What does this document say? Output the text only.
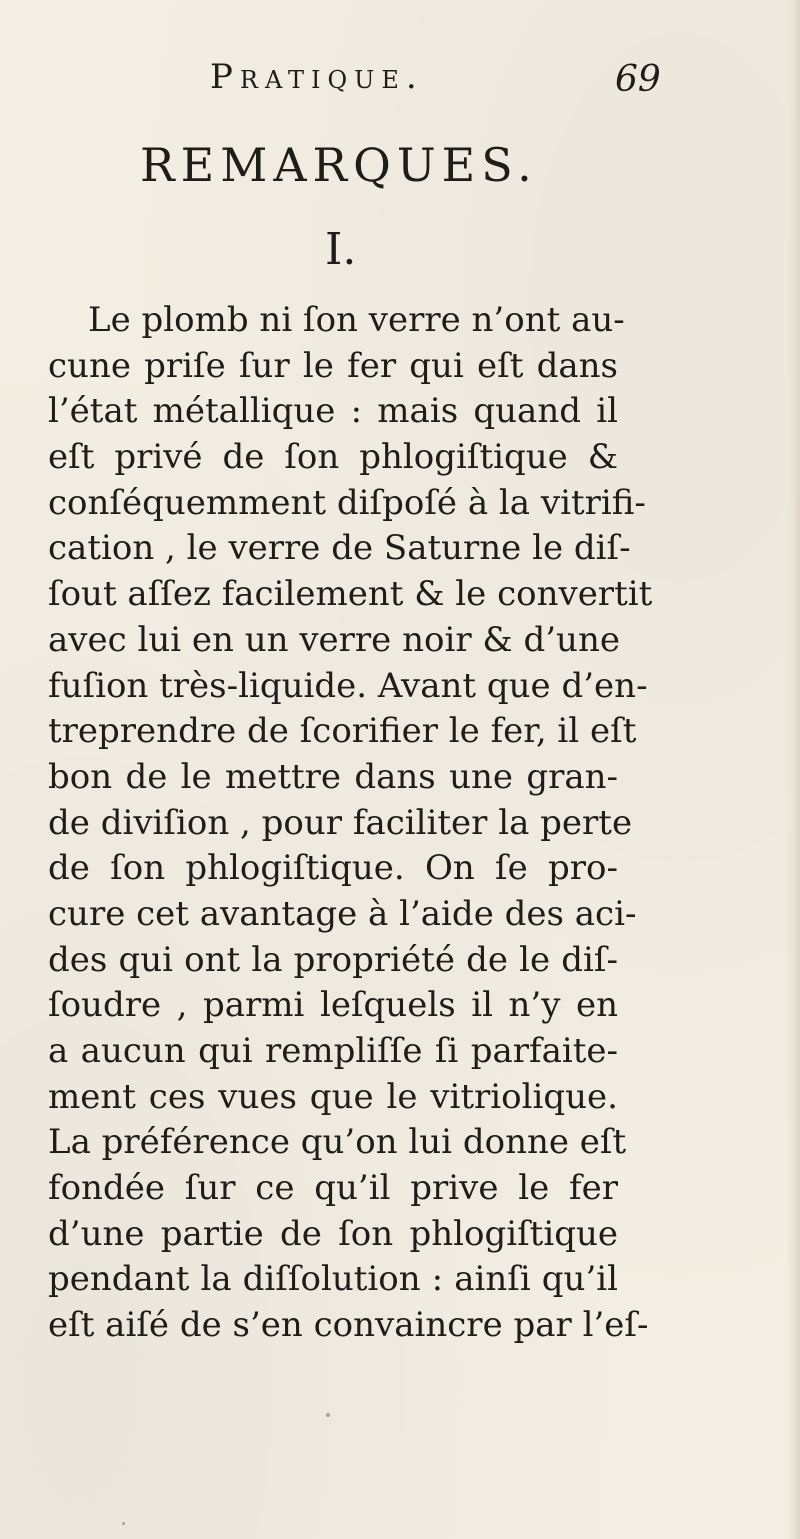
Pratique.	69
REMARQUES.
I.
Le plomb ni ſon verre n’ont au-
cune priſe ſur le fer qui eſt dans
l’état métallique : mais quand il
eſt privé de ſon phlogiſtique &
conſéquemment diſpoſé à la vitrifi-
cation , le verre de Saturne le diſ-
ſout aſſez facilement & le convertit
avec lui en un verre noir & d’une
fuſion très-liquide. Avant que d’en-
treprendre de ſcorifier le fer, il eſt
bon de le mettre dans une gran-
de diviſion , pour faciliter la perte
de ſon phlogiſtique. On ſe pro-
cure cet avantage à l’aide des aci-
des qui ont la propriété de le diſ-
ſoudre , parmi leſquels il n’y en
a aucun qui rempliſſe ſi parfaite-
ment ces vues que le vitriolique.
La préférence qu’on lui donne eſt
fondée ſur ce qu’il prive le fer
d’une partie de ſon phlogiſtique
pendant la diſſolution : ainſi qu’il
eſt aiſé de s’en convaincre par l’eſ-
